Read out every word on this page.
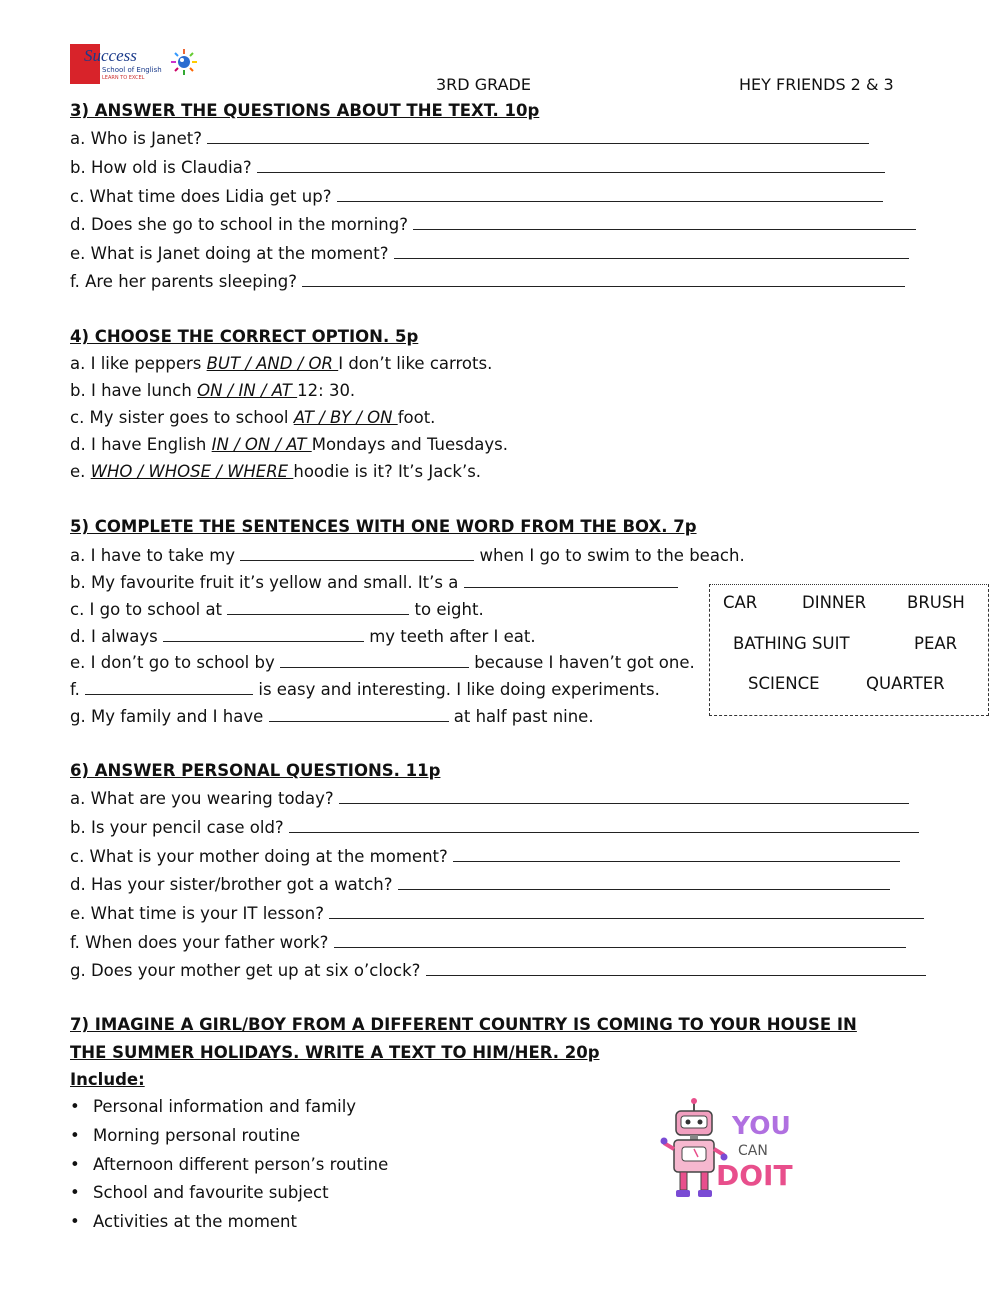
Success
School of English
LEARN TO EXCEL	3RD GRADE	HEY FRIENDS 2 & 3
3) ANSWER THE QUESTIONS ABOUT THE TEXT. 10p
a. Who is Janet?
b. How old is Claudia?
c. What time does Lidia get up?
d. Does she go to school in the morning?
e. What is Janet doing at the moment?
f. Are her parents sleeping?
4) CHOOSE THE CORRECT OPTION. 5p
a. I like peppers BUT / AND / OR I don’t like carrots.
b. I have lunch ON / IN / AT 12: 30.
c. My sister goes to school AT / BY / ON foot.
d. I have English IN / ON / AT Mondays and Tuesdays.
e. WHO / WHOSE / WHERE hoodie is it? It’s Jack’s.
5) COMPLETE THE SENTENCES WITH ONE WORD FROM THE BOX. 7p
a. I have to take my	when I go to swim to the beach.
b. My favourite fruit it’s yellow and small. It’s a
c. I go to school at	to eight.
d. I always	my teeth after I eat.
e. I don’t go to school by	because I haven’t got one.
f.	is easy and interesting. I like doing experiments.
g. My family and I have	at half past nine.
CAR	DINNER BRUSH
BATHING SUIT	PEAR
SCIENCE	QUARTER
6) ANSWER PERSONAL QUESTIONS. 11p
a. What are you wearing today?
b. Is your pencil case old?
c. What is your mother doing at the moment?
d. Has your sister/brother got a watch?
e. What time is your IT lesson?
f. When does your father work?
g. Does your mother get up at six o’clock?
7) IMAGINE A GIRL/BOY FROM A DIFFERENT COUNTRY IS COMING TO YOUR HOUSE IN
THE SUMMER HOLIDAYS. WRITE A TEXT TO HIM/HER. 20p
Include:
• Personal information and family
• Morning personal routine
• Afternoon different person’s routine
• School and favourite subject
• Activities at the moment
YOU
CAN
DOIT
